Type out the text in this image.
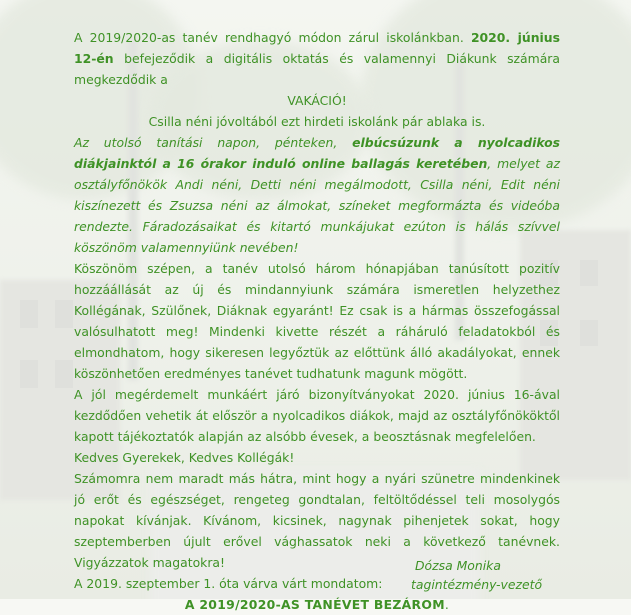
A 2019/2020-as tanév rendhagyó módon zárul iskolánkban. 2020. június 12-én befejeződik a digitális oktatás és valamennyi Diákunk számára megkezdődik a

VAKÁCIÓ!

Csilla néni jóvoltából ezt hirdeti iskolánk pár ablaka is.

Az utolsó tanítási napon, pénteken, elbúcsúzunk a nyolcadikos diákjainktól a 16 órakor induló online ballagás keretében, melyet az osztályfőnökök Andi néni, Detti néni megálmodott, Csilla néni, Edit néni kiszínezett és Zsuzsa néni az álmokat, színeket megformázta és videóba rendezte. Fáradozásaikat és kitartó munkájukat ezúton is hálás szívvel köszönöm valamennyiünk nevében!

Köszönöm szépen, a tanév utolsó három hónapjában tanúsított pozitív hozzáállását az új és mindannyiunk számára ismeretlen helyzethez Kollégának, Szülőnek, Diáknak egyaránt! Ez csak is a hármas összefogással valósulhatott meg! Mindenki kivette részét a ráháruló feladatokból és elmondhatom, hogy sikeresen legyőztük az előttünk álló akadályokat, ennek köszönhetően eredményes tanévet tudhatunk magunk mögött.

A jól megérdemelt munkáért járó bizonyítványokat 2020. június 16-ával kezdődően vehetik át először a nyolcadikos diákok, majd az osztályfőnököktől kapott tájékoztatók alapján az alsóbb évesek, a beosztásnak megfelelően.

Kedves Gyerekek, Kedves Kollégák!

Számomra nem maradt más hátra, mint hogy a nyári szünetre mindenkinek jó erőt és egészséget, rengeteg gondtalan, feltöltődéssel teli mosolygós napokat kívánjak. Kívánom, kicsinek, nagynak pihenjetek sokat, hogy szeptemberben újult erővel vághassatok neki a következő tanévnek. Vigyázzatok magatokra!

A 2019. szeptember 1. óta várva várt mondatom:

A 2019/2020-AS TANÉVET BEZÁROM.

Dózsa Monika
tagintézmény-vezető
